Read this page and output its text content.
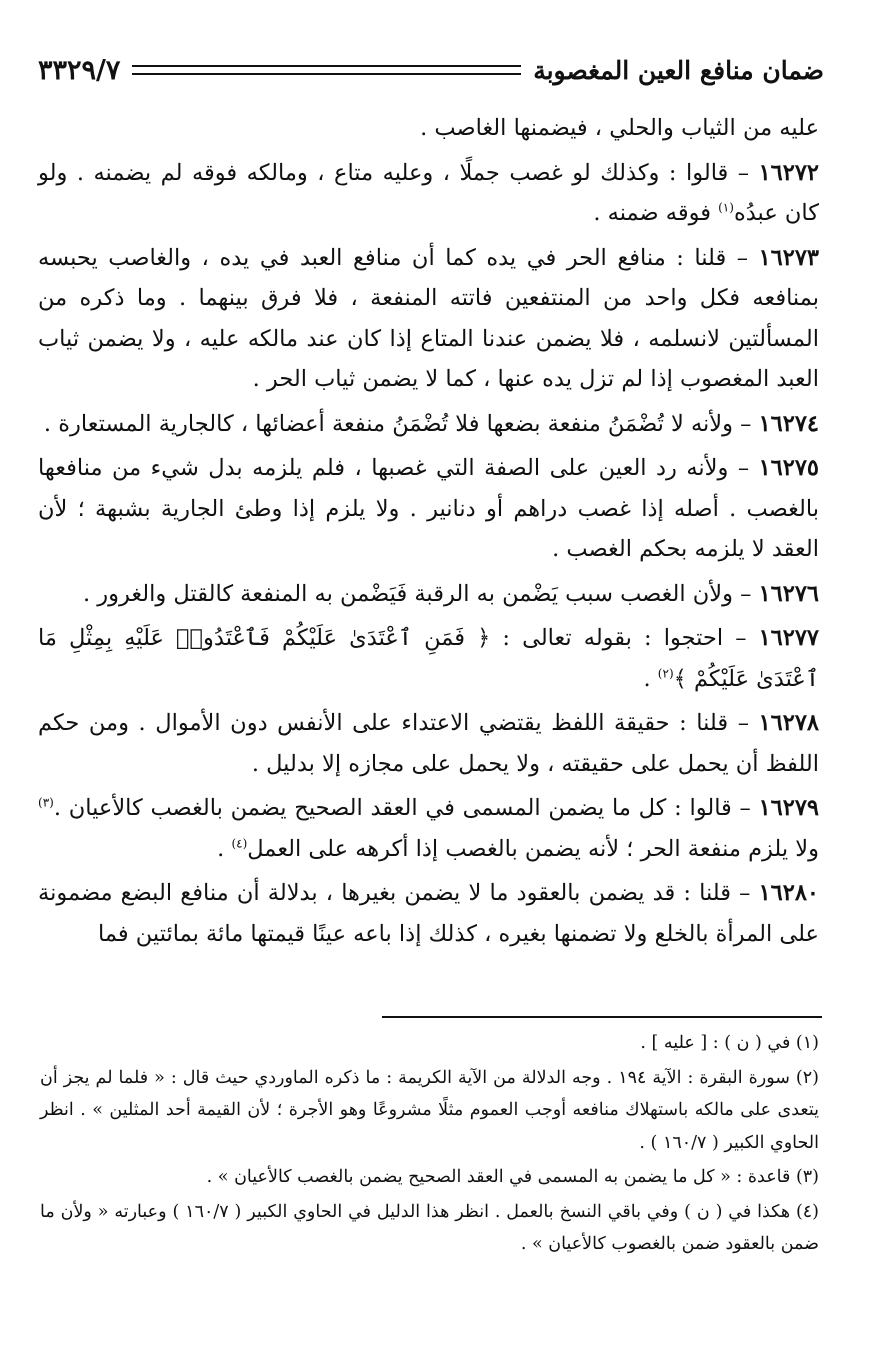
ضمان منافع العين المغصوبة
٣٣٢٩/٧

عليه من الثياب والحلي ، فيضمنها الغاصب .

١٦٢٧٢ – قالوا : وكذلك لو غصب جملًا ، وعليه متاع ، ومالكه فوقه لم يضمنه . ولو كان عبدُه$^{(١)}$ فوقه ضمنه .

١٦٢٧٣ – قلنا : منافع الحر في يده كما أن منافع العبد في يده ، والغاصب يحبسه بمنافعه فكل واحد من المنتفعين فاتته المنفعة ، فلا فرق بينهما . وما ذكره من المسألتين لانسلمه ، فلا يضمن عندنا المتاع إذا كان عند مالكه عليه ، ولا يضمن ثياب العبد المغصوب إذا لم تزل يده عنها ، كما لا يضمن ثياب الحر .

١٦٢٧٤ – ولأنه لا تُضْمَنُ منفعة بضعها فلا تُضْمَنُ منفعة أعضائها ، كالجارية المستعارة .

١٦٢٧٥ – ولأنه رد العين على الصفة التي غصبها ، فلم يلزمه بدل شيء من منافعها بالغصب . أصله إذا غصب دراهم أو دنانير . ولا يلزم إذا وطئ الجارية بشبهة ؛ لأن العقد لا يلزمه بحكم الغصب .

١٦٢٧٦ – ولأن الغصب سبب يَضْمن به الرقبة فَيَضْمن به المنفعة كالقتل والغرور .

١٦٢٧٧ – احتجوا : بقوله تعالى : ﴿ فَمَنِ ٱعْتَدَىٰ عَلَيْكُمْ فَٱعْتَدُوا۟ عَلَيْهِ بِمِثْلِ مَا ٱعْتَدَىٰ عَلَيْكُمْ ﴾$^{(٢)}$ .

١٦٢٧٨ – قلنا : حقيقة اللفظ يقتضي الاعتداء على الأنفس دون الأموال . ومن حكم اللفظ أن يحمل على حقيقته ، ولا يحمل على مجازه إلا بدليل .

١٦٢٧٩ – قالوا : كل ما يضمن المسمى في العقد الصحيح يضمن بالغصب كالأعيان .$^{(٣)}$ ولا يلزم منفعة الحر ؛ لأنه يضمن بالغصب إذا أكرهه على العمل$^{(٤)}$ .

١٦٢٨٠ – قلنا : قد يضمن بالعقود ما لا يضمن بغيرها ، بدلالة أن منافع البضع مضمونة على المرأة بالخلع ولا تضمنها بغيره ، كذلك إذا باعه عينًا قيمتها مائة بمائتين فما

(١) في ( ن ) : [ عليه ] .

(٢) سورة البقرة : الآية ١٩٤ . وجه الدلالة من الآية الكريمة : ما ذكره الماوردي حيث قال : « فلما لم يجز أن يتعدى على مالكه باستهلاك منافعه أوجب العموم مثلًا مشروعًا وهو الأجرة ؛ لأن القيمة أحد المثلين » . انظر الحاوي الكبير ( ١٦٠/٧ ) .

(٣) قاعدة : « كل ما يضمن به المسمى في العقد الصحيح يضمن بالغصب كالأعيان » .

(٤) هكذا في ( ن ) وفي باقي النسخ بالعمل . انظر هذا الدليل في الحاوي الكبير ( ١٦٠/٧ ) وعبارته « ولأن ما ضمن بالعقود ضمن بالغصوب كالأعيان » .
